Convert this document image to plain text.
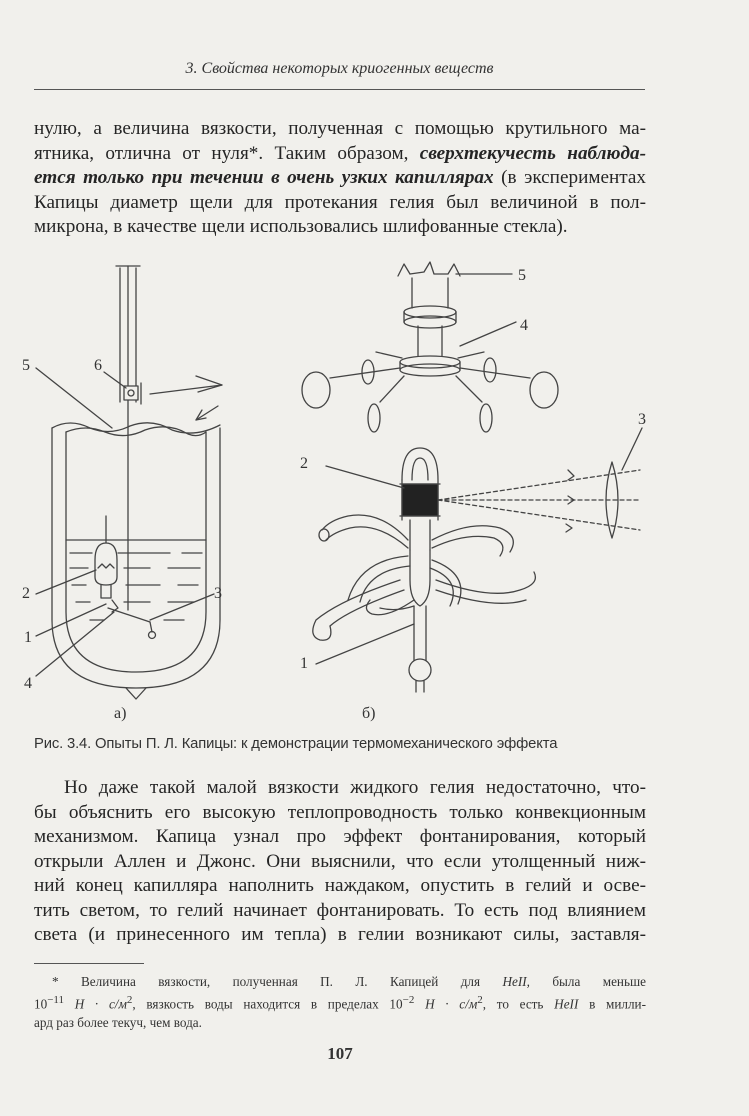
3. Свойства некоторых криогенных веществ
нулю, а величина вязкости, полученная с помощью крутильного ма-
ятника, отлична от нуля*. Таким образом, сверхтекучесть наблюда-
ется только при течении в очень узких капиллярах (в экспериментах
Капицы диаметр щели для протекания гелия был величиной в пол-
микрона, в качестве щели использовались шлифованные стекла).
5	6
2	3
1
4
а)
5
4
3
2
1
б)
Рис. 3.4. Опыты П. Л. Капицы: к демонстрации термомеханического эффекта
Но даже такой малой вязкости жидкого гелия недостаточно, что-
бы объяснить его высокую теплопроводность только конвекционным
механизмом. Капица узнал про эффект фонтанирования, который
открыли Аллен и Джонс. Они выяснили, что если утолщенный ниж-
ний конец капилляра наполнить наждаком, опустить в гелий и осве-
тить светом, то гелий начинает фонтанировать. То есть под влиянием
света (и принесенного им тепла) в гелии возникают силы, заставля-
* Величина вязкости, полученная П. Л. Капицей для HeII, была меньше
$10^{-11}$ $H \cdot c/м^2$, вязкость воды находится в пределах $10^{-2}$ $H \cdot c/м^2$, то есть HeII в милли-
ард раз более текуч, чем вода.
107
